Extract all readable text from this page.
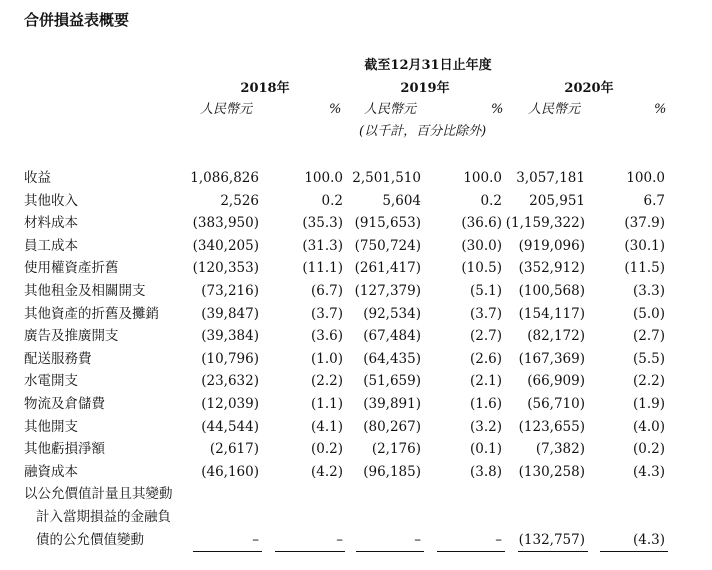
合併損益表概要
截至12月31日止年度
2018年	2019年	2020年
人民幣元	% 人民幣元	% 人民幣元	%
(以千計，百分比除外)
收益	1,086,826	100.0 2,501,510	100.0	3,057,181	100.0
其他收入	2,526	0.2	5,604	0.2	205,951	6.7
材料成本	(383,950)	(35.3) (915,653)	(36.6) (1,159,322)	(37.9)
員工成本	(340,205)	(31.3) (750,724)	(30.0)	(919,096)	(30.1)
使用權資產折舊	(120,353)	(11.1) (261,417)	(10.5)	(352,912)	(11.5)
其他租金及相關開支	(73,216)	(6.7) (127,379)	(5.1)	(100,568)	(3.3)
其他資產的折舊及攤銷	(39,847)	(3.7)	(92,534)	(3.7)	(154,117)	(5.0)
廣告及推廣開支	(39,384)	(3.6)	(67,484)	(2.7)	(82,172)	(2.7)
配送服務費	(10,796)	(1.0)	(64,435)	(2.6)	(167,369)	(5.5)
水電開支	(23,632)	(2.2)	(51,659)	(2.1)	(66,909)	(2.2)
物流及倉儲費	(12,039)	(1.1)	(39,891)	(1.6)	(56,710)	(1.9)
其他開支	(44,544)	(4.1)	(80,267)	(3.2)	(123,655)	(4.0)
其他虧損淨額	(2,617)	(0.2)	(2,176)	(0.1)	(7,382)	(0.2)
融資成本	(46,160)	(4.2)	(96,185)	(3.8)	(130,258)	(4.3)
以公允價值計量且其變動
計入當期損益的金融負
債的公允價值變動	–	–	–	–	(132,757)	(4.3)
